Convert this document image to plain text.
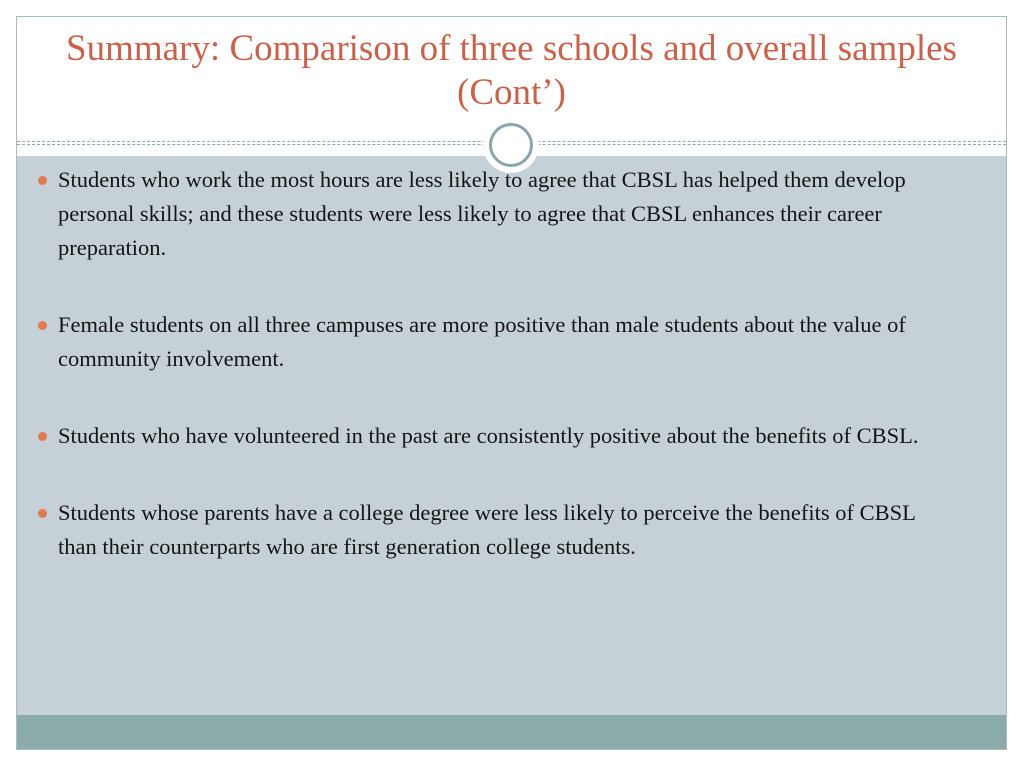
Summary: Comparison of three schools and overall samples (Cont’)
Students who work the most hours are less likely to agree that CBSL has helped them develop personal skills; and these students were less likely to agree that CBSL enhances their career preparation.
Female students on all three campuses are more positive than male students about the value of community involvement.
Students who have volunteered in the past are consistently positive about the benefits of CBSL.
Students whose parents have a college degree were less likely to perceive the benefits of CBSL than their counterparts who are first generation college students.
